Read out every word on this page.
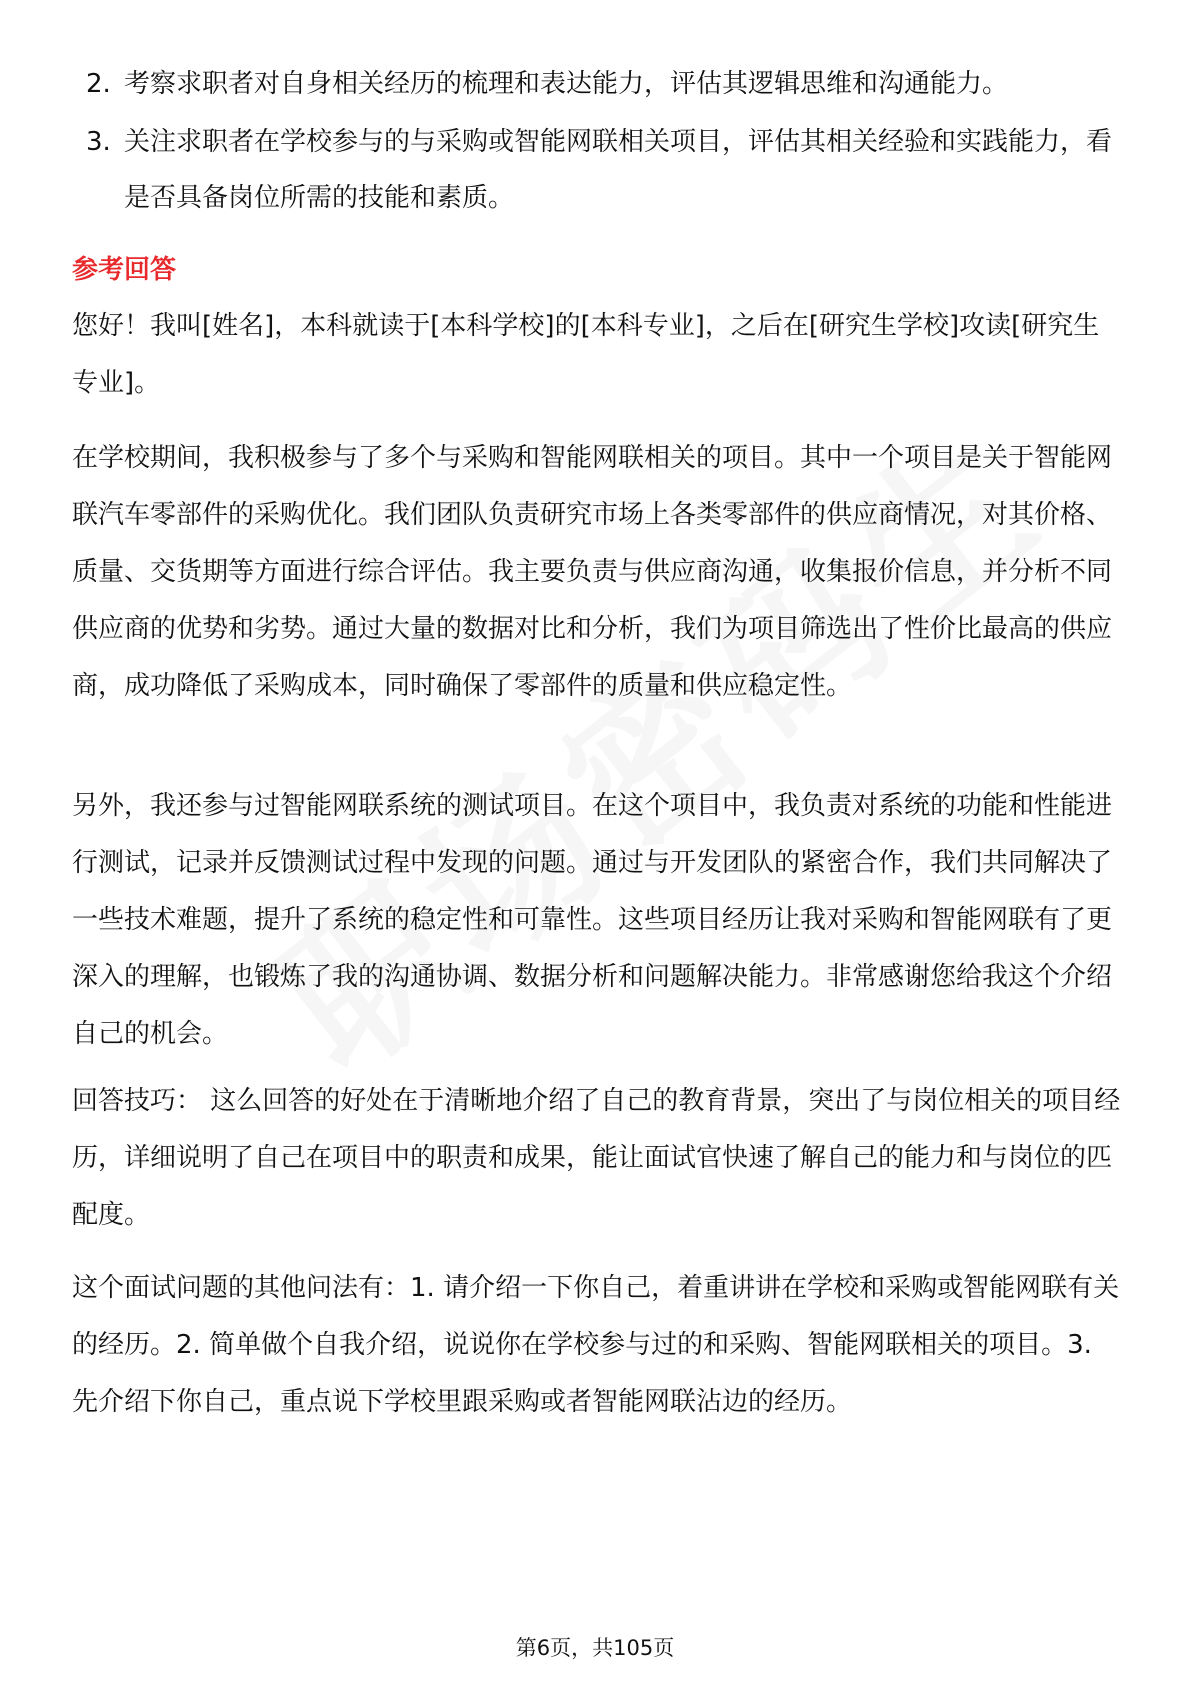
2. 考察求职者对自身相关经历的梳理和表达能力，评估其逻辑思维和沟通能力。
3. 关注求职者在学校参与的与采购或智能网联相关项目，评估其相关经验和实践能力，看是否具备岗位所需的技能和素质。
参考回答

您好！我叫[姓名]，本科就读于[本科学校]的[本科专业]，之后在[研究生学校]攻读[研究生专业]。

在学校期间，我积极参与了多个与采购和智能网联相关的项目。其中一个项目是关于智能网联汽车零部件的采购优化。我们团队负责研究市场上各类零部件的供应商情况，对其价格、质量、交货期等方面进行综合评估。我主要负责与供应商沟通，收集报价信息，并分析不同供应商的优势和劣势。通过大量的数据对比和分析，我们为项目筛选出了性价比最高的供应商，成功降低了采购成本，同时确保了零部件的质量和供应稳定性。

另外，我还参与过智能网联系统的测试项目。在这个项目中，我负责对系统的功能和性能进行测试，记录并反馈测试过程中发现的问题。通过与开发团队的紧密合作，我们共同解决了一些技术难题，提升了系统的稳定性和可靠性。这些项目经历让我对采购和智能网联有了更深入的理解，也锻炼了我的沟通协调、数据分析和问题解决能力。非常感谢您给我这个介绍自己的机会。

回答技巧： 这么回答的好处在于清晰地介绍了自己的教育背景，突出了与岗位相关的项目经历，详细说明了自己在项目中的职责和成果，能让面试官快速了解自己的能力和与岗位的匹配度。

这个面试问题的其他问法有：1. 请介绍一下你自己，着重讲讲在学校和采购或智能网联有关的经历。2. 简单做个自我介绍，说说你在学校参与过的和采购、智能网联相关的项目。3. 先介绍下你自己，重点说下学校里跟采购或者智能网联沾边的经历。

第6页，共105页
